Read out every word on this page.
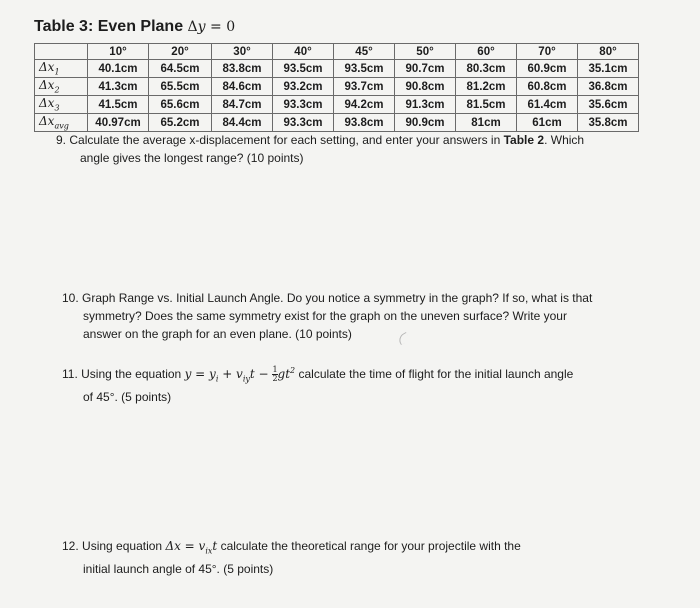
Table 3: Even Plane Δy = 0
	10°	20°	30°	40°	45°	50°	60°	70°	80°
$\Delta x_1$	40.1cm	64.5cm	83.8cm	93.5cm	93.5cm	90.7cm	80.3cm	60.9cm	35.1cm
$\Delta x_2$	41.3cm	65.5cm	84.6cm	93.2cm	93.7cm	90.8cm	81.2cm	60.8cm	36.8cm
$\Delta x_3$	41.5cm	65.6cm	84.7cm	93.3cm	94.2cm	91.3cm	81.5cm	61.4cm	35.6cm
$\Delta x_{avg}$	40.97cm	65.2cm	84.4cm	93.3cm	93.8cm	90.9cm	81cm	61cm	35.8cm
9. Calculate the average x-displacement for each setting, and enter your answers in Table 2. Which
angle gives the longest range? (10 points)
10. Graph Range vs. Initial Launch Angle. Do you notice a symmetry in the graph? If so, what is that
symmetry? Does the same symmetry exist for the graph on the uneven surface? Write your
answer on the graph for an even plane. (10 points)
11. Using the equation $y = y_i + v_{iy}t - \frac{1}{2} gt^2$ calculate the time of flight for the initial launch angle
of 45°. (5 points)
12. Using equation $\Delta x = v_{ix}t$ calculate the theoretical range for your projectile with the
initial launch angle of 45°. (5 points)
